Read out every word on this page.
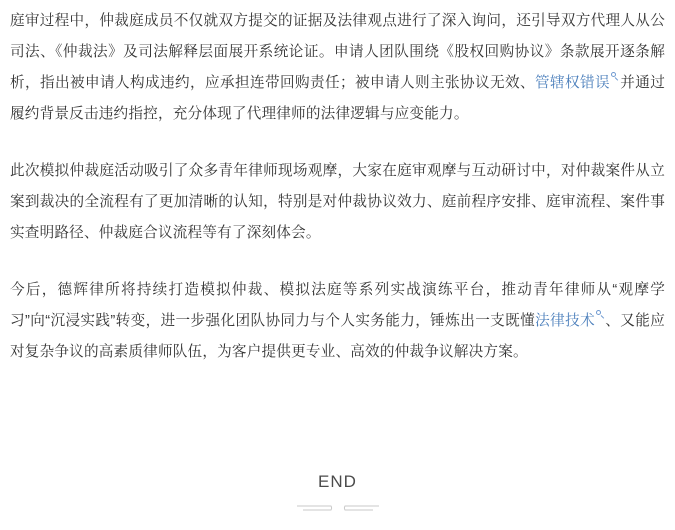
庭审过程中，仲裁庭成员不仅就双方提交的证据及法律观点进行了深入询问，还引导双方代理人从公司法、《仲裁法》及司法解释层面展开系统论证。申请人团队围绕《股权回购协议》条款展开逐条解析，指出被申请人构成违约，应承担连带回购责任；被申请人则主张协议无效、管辖权错误 并通过履约背景反击违约指控，充分体现了代理律师的法律逻辑与应变能力。

此次模拟仲裁庭活动吸引了众多青年律师现场观摩，大家在庭审观摩与互动研讨中，对仲裁案件从立案到裁决的全流程有了更加清晰的认知，特别是对仲裁协议效力、庭前程序安排、庭审流程、案件事实查明路径、仲裁庭合议流程等有了深刻体会。

今后，德辉律所将持续打造模拟仲裁、模拟法庭等系列实战演练平台，推动青年律师从“观摩学习”向“沉浸实践”转变，进一步强化团队协同力与个人实务能力，锤炼出一支既懂法律技术 、又能应对复杂争议的高素质律师队伍，为客户提供更专业、高效的仲裁争议解决方案。

END
